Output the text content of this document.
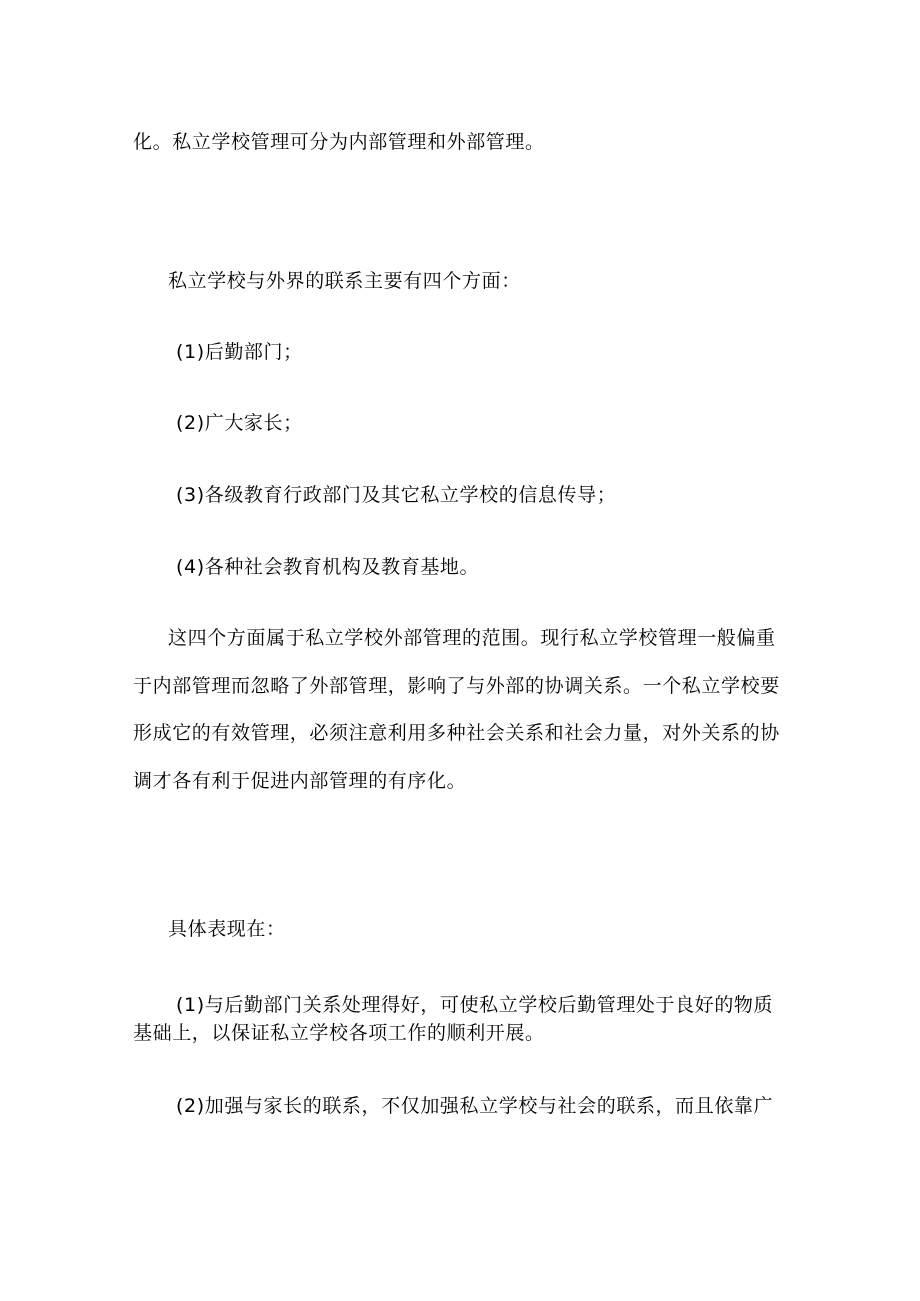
化。私立学校管理可分为内部管理和外部管理。
私立学校与外界的联系主要有四个方面：
(1)后勤部门；
(2)广大家长；
(3)各级教育行政部门及其它私立学校的信息传导；
(4)各种社会教育机构及教育基地。
这四个方面属于私立学校外部管理的范围。现行私立学校管理一般偏重
于内部管理而忽略了外部管理，影响了与外部的协调关系。一个私立学校要
形成它的有效管理，必须注意利用多种社会关系和社会力量，对外关系的协
调才各有利于促进内部管理的有序化。
具体表现在：
(1)与后勤部门关系处理得好，可使私立学校后勤管理处于良好的物质
基础上，以保证私立学校各项工作的顺利开展。
(2)加强与家长的联系，不仅加强私立学校与社会的联系，而且依靠广
